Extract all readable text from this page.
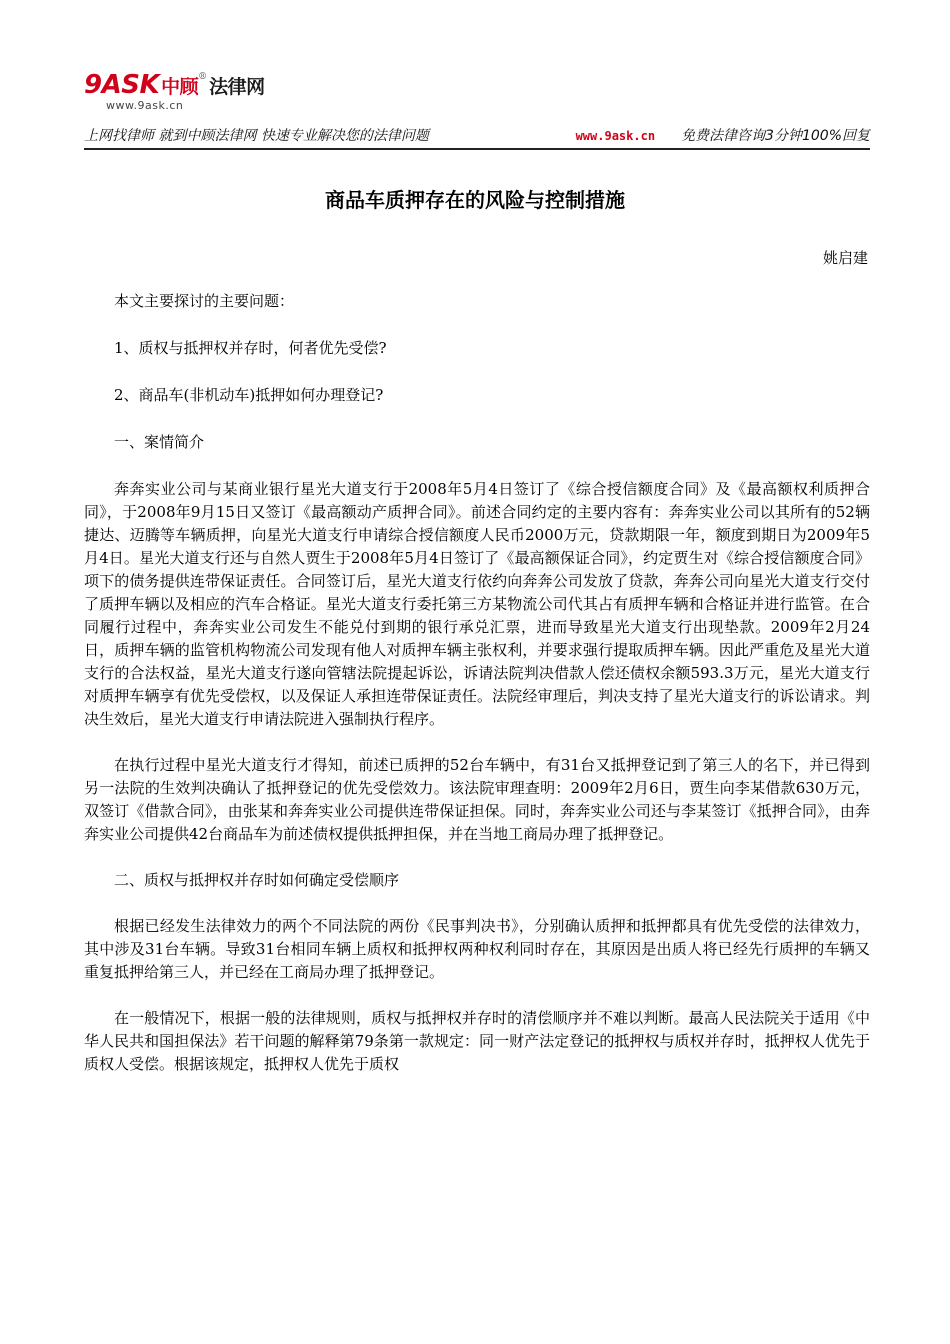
9ASK 中顾® 法律网
www.9ask.cn
上网找律师 就到中顾法律网 快速专业解决您的法律问题	www.9ask.cn 免费法律咨询3分钟100%回复
商品车质押存在的风险与控制措施
姚启建

本文主要探讨的主要问题：

1、质权与抵押权并存时，何者优先受偿?

2、商品车(非机动车)抵押如何办理登记?

一、案情简介

奔奔实业公司与某商业银行星光大道支行于2008年5月4日签订了《综合授信额度合同》及《最高额权利质押合同》，于2008年9月15日又签订《最高额动产质押合同》。前述合同约定的主要内容有：奔奔实业公司以其所有的52辆捷达、迈腾等车辆质押，向星光大道支行申请综合授信额度人民币2000万元，贷款期限一年，额度到期日为2009年5月4日。星光大道支行还与自然人贾生于2008年5月4日签订了《最高额保证合同》，约定贾生对《综合授信额度合同》项下的债务提供连带保证责任。合同签订后，星光大道支行依约向奔奔公司发放了贷款，奔奔公司向星光大道支行交付了质押车辆以及相应的汽车合格证。星光大道支行委托第三方某物流公司代其占有质押车辆和合格证并进行监管。在合同履行过程中，奔奔实业公司发生不能兑付到期的银行承兑汇票，进而导致星光大道支行出现垫款。2009年2月24日，质押车辆的监管机构物流公司发现有他人对质押车辆主张权利，并要求强行提取质押车辆。因此严重危及星光大道支行的合法权益，星光大道支行遂向管辖法院提起诉讼，诉请法院判决借款人偿还债权余额593.3万元，星光大道支行对质押车辆享有优先受偿权，以及保证人承担连带保证责任。法院经审理后，判决支持了星光大道支行的诉讼请求。判决生效后，星光大道支行申请法院进入强制执行程序。

在执行过程中星光大道支行才得知，前述已质押的52台车辆中，有31台又抵押登记到了第三人的名下，并已得到另一法院的生效判决确认了抵押登记的优先受偿效力。该法院审理查明：2009年2月6日，贾生向李某借款630万元，双签订《借款合同》，由张某和奔奔实业公司提供连带保证担保。同时，奔奔实业公司还与李某签订《抵押合同》，由奔奔实业公司提供42台商品车为前述债权提供抵押担保，并在当地工商局办理了抵押登记。

二、质权与抵押权并存时如何确定受偿顺序

根据已经发生法律效力的两个不同法院的两份《民事判决书》，分别确认质押和抵押都具有优先受偿的法律效力，其中涉及31台车辆。导致31台相同车辆上质权和抵押权两种权利同时存在，其原因是出质人将已经先行质押的车辆又重复抵押给第三人，并已经在工商局办理了抵押登记。

在一般情况下，根据一般的法律规则，质权与抵押权并存时的清偿顺序并不难以判断。最高人民法院关于适用《中华人民共和国担保法》若干问题的解释第79条第一款规定：同一财产法定登记的抵押权与质权并存时，抵押权人优先于质权人受偿。根据该规定，抵押权人优先于质权
